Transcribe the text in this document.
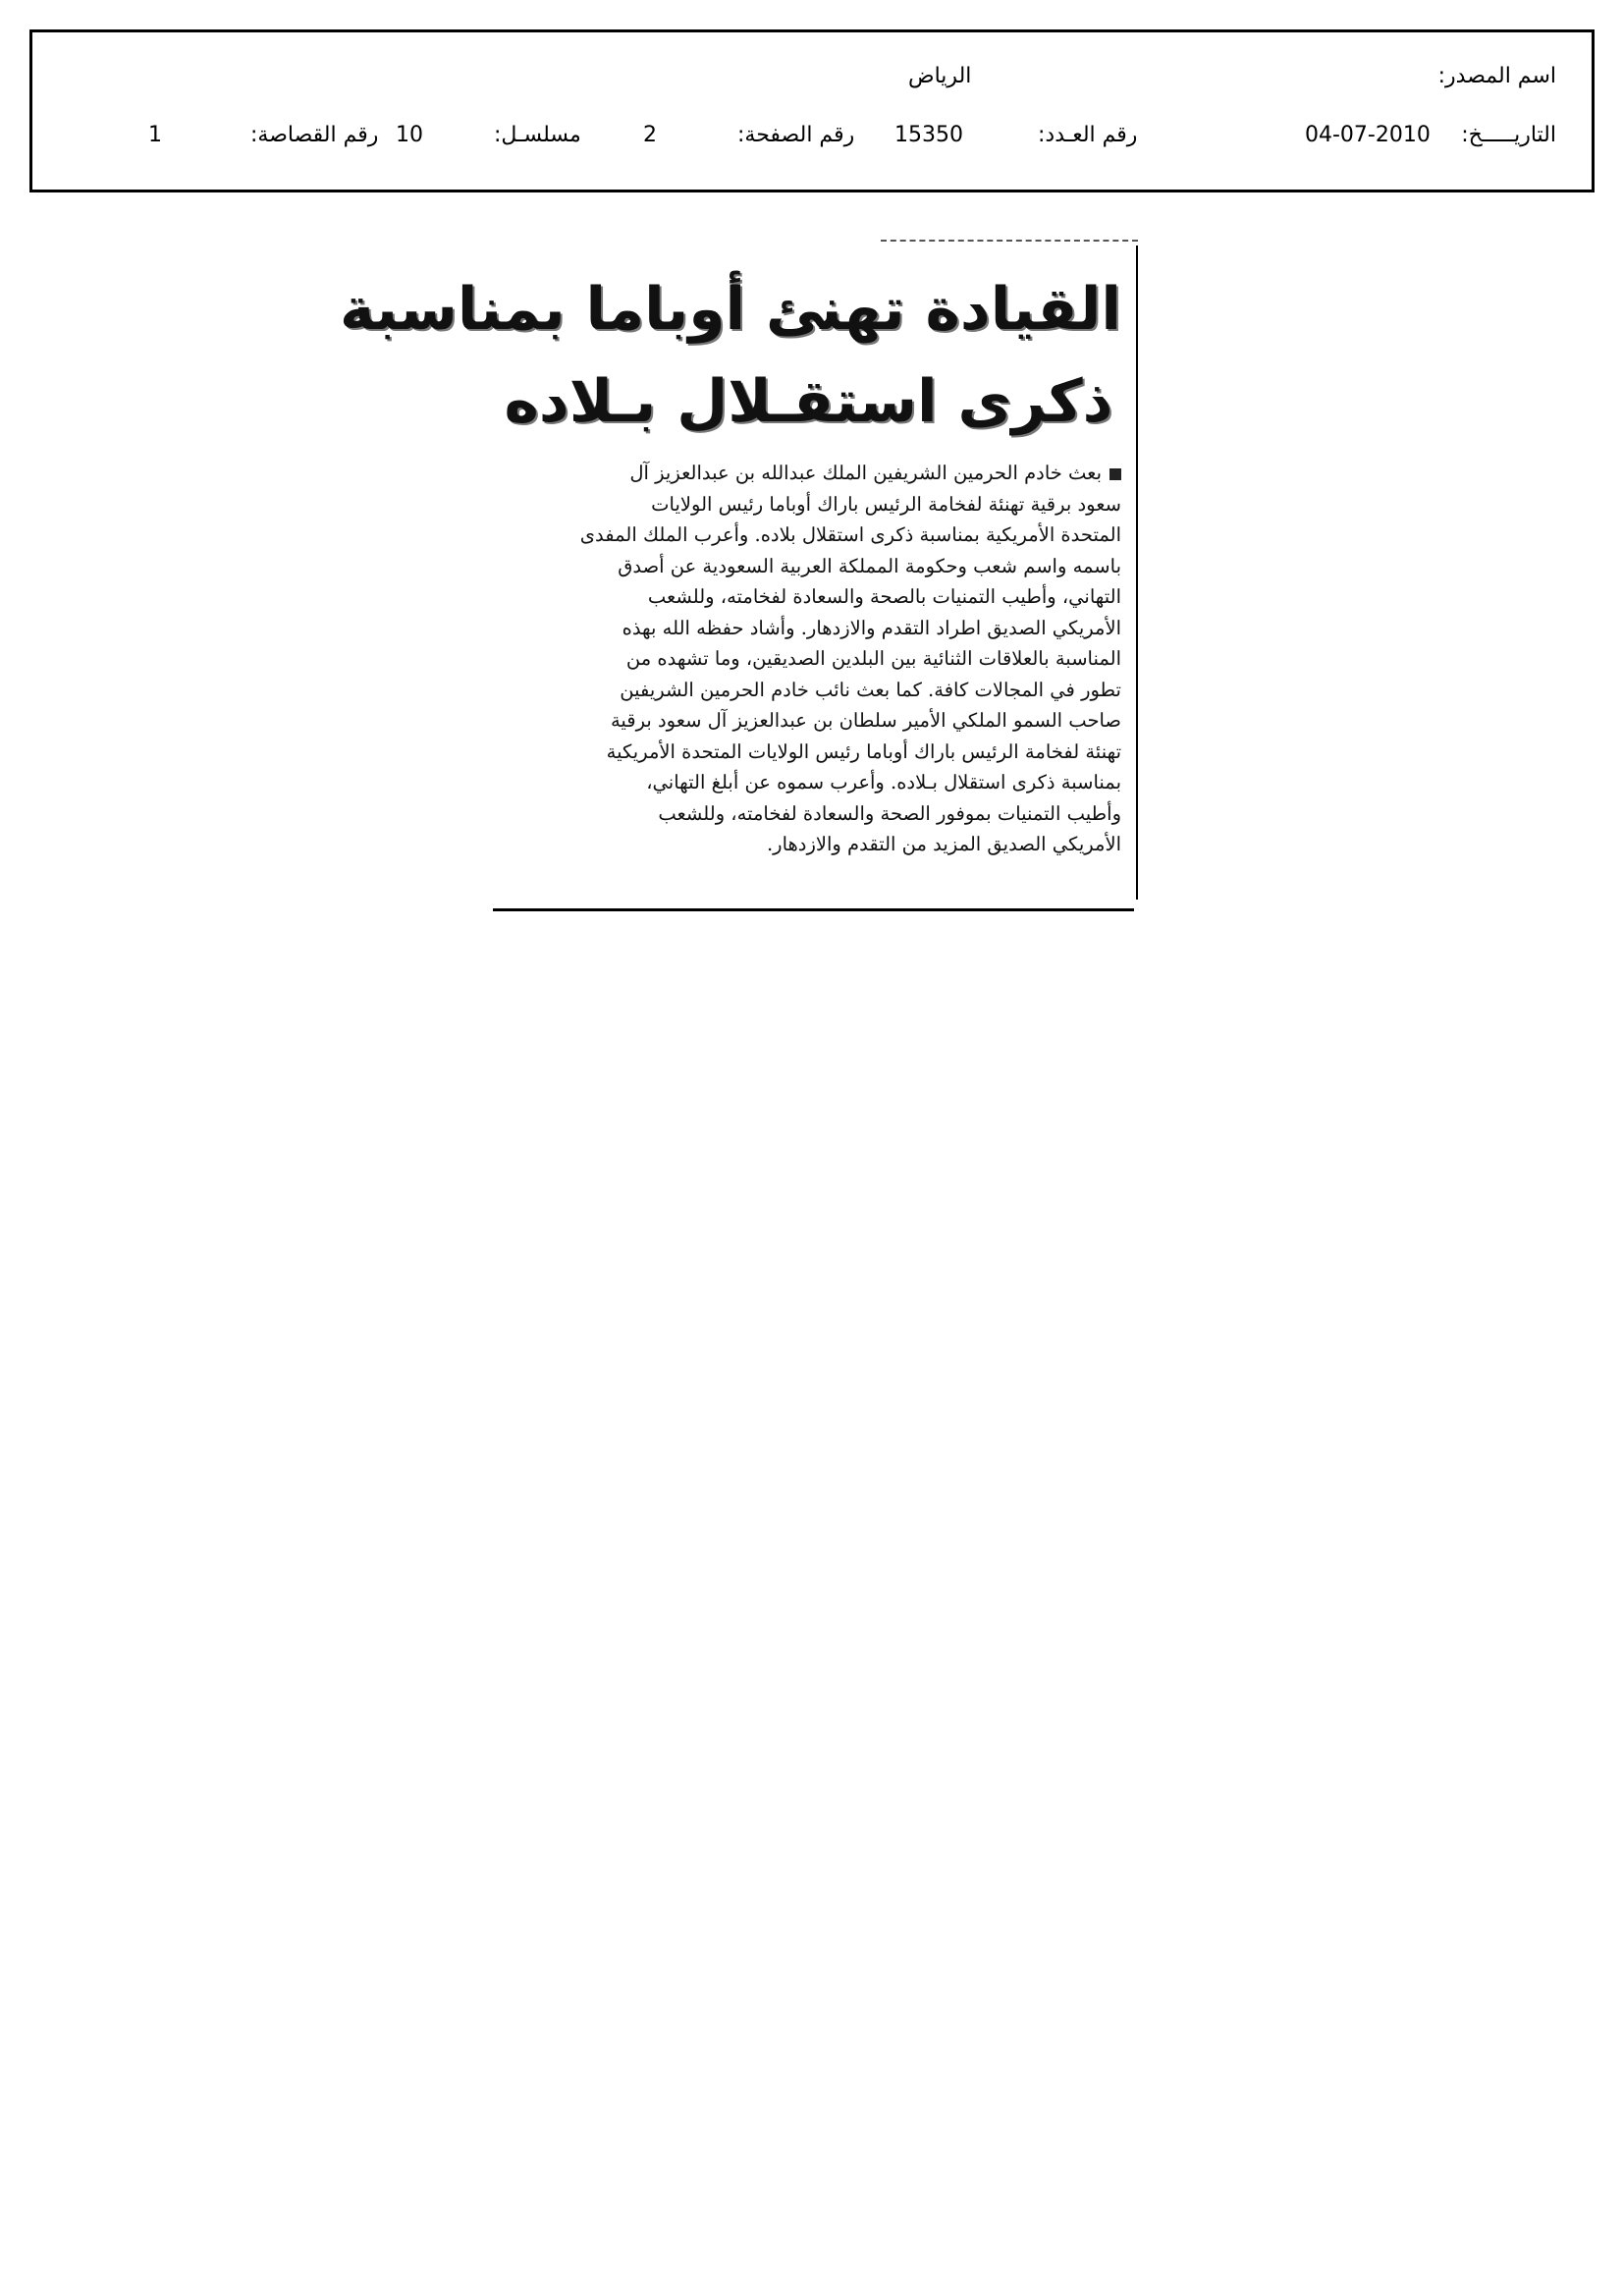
اسم المصدر:
الرياض
التاريـــــخ:
04-07-2010
رقم العـدد:
15350
رقم الصفحة:
2
مسلسـل:
10
رقم القصاصة:
1
القيادة تهنئ أوباما بمناسبة
ذكرى استقـلال بـلاده
بعث خادم الحرمين الشريفين الملك عبدالله بن عبدالعزيز آل
سعود برقية تهنئة لفخامة الرئيس باراك أوباما رئيس الولايات
المتحدة الأمريكية بمناسبة ذكرى استقلال بلاده. وأعرب الملك المفدى
باسمه واسم شعب وحكومة المملكة العربية السعودية عن أصدق
التهاني، وأطيب التمنيات بالصحة والسعادة لفخامته، وللشعب
الأمريكي الصديق اطراد التقدم والازدهار. وأشاد حفظه الله بهذه
المناسبة بالعلاقات الثنائية بين البلدين الصديقين، وما تشهده من
تطور في المجالات كافة. كما بعث نائب خادم الحرمين الشريفين
صاحب السمو الملكي الأمير سلطان بن عبدالعزيز آل سعود برقية
تهنئة لفخامة الرئيس باراك أوباما رئيس الولايات المتحدة الأمريكية
بمناسبة ذكرى استقلال بـلاده. وأعرب سموه عن أبلغ التهاني،
وأطيب التمنيات بموفور الصحة والسعادة لفخامته، وللشعب
الأمريكي الصديق المزيد من التقدم والازدهار.
